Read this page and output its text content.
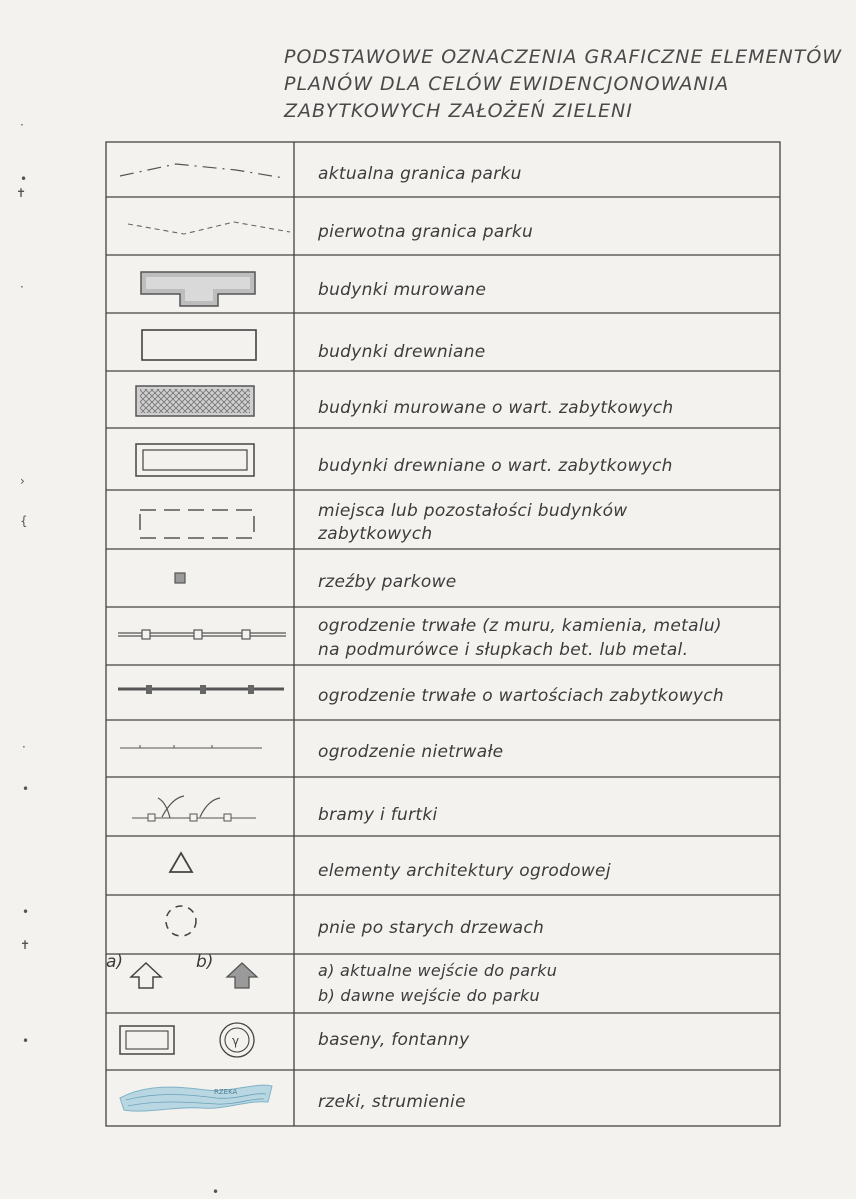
PODSTAWOWE OZNACZENIA GRAFICZNE ELEMENTÓW
PLANÓW DLA CELÓW EWIDENCJONOWANIA
ZABYTKOWYCH ZAŁOŻEŃ ZIELENI
·
•
✝
·
›
{
·
•
•
✝
•
•
aktualna granica parku
pierwotna granica parku
budynki murowane
budynki drewniane
budynki murowane o wart. zabytkowych
budynki drewniane o wart. zabytkowych
miejsca lub pozostałości budynków
zabytkowych
rzeźby parkowe
ogrodzenie trwałe (z muru, kamienia, metalu)
na podmurówce i słupkach bet. lub metal.
ogrodzenie trwałe o wartościach zabytkowych
ogrodzenie nietrwałe
bramy i furtki
elementy architektury ogrodowej
pnie po starych drzewach
a)	b)	a) aktualne wejście do parku
b) dawne wejście do parku
γ	baseny, fontanny
RZEKA	rzeki, strumienie
